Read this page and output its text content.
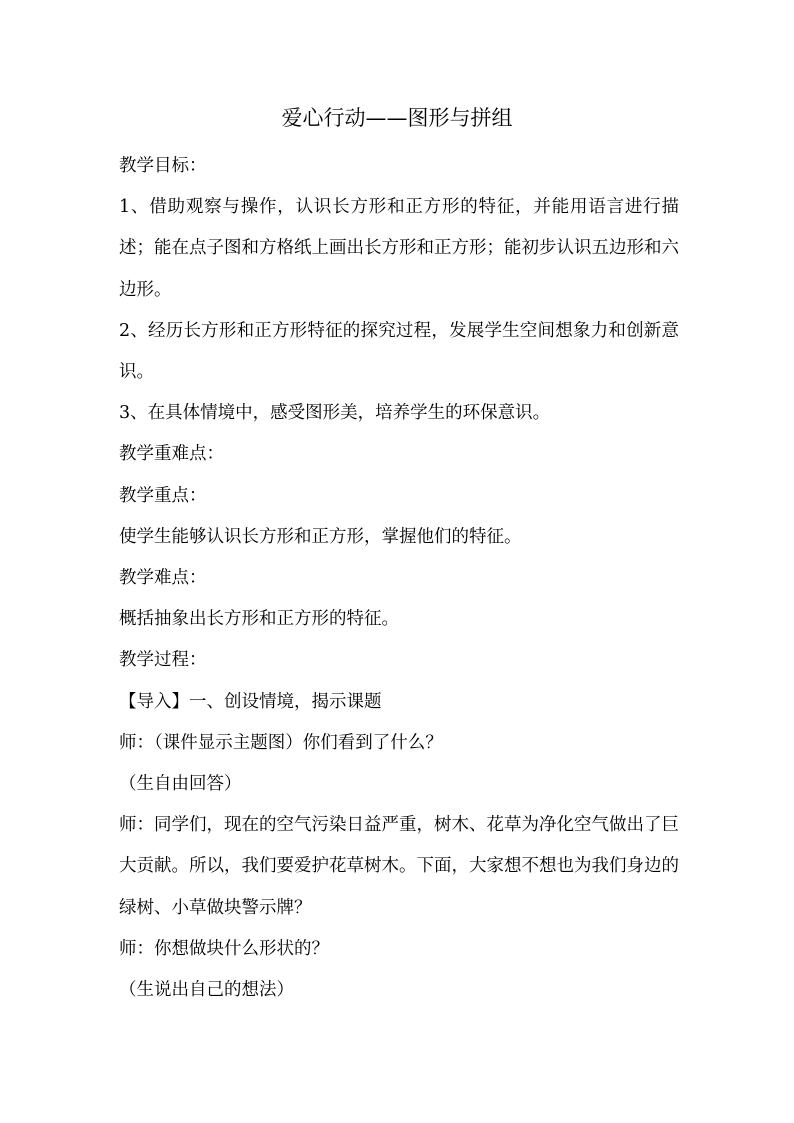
爱心行动——图形与拼组

教学目标：

1、借助观察与操作，认识长方形和正方形的特征，并能用语言进行描述；能在点子图和方格纸上画出长方形和正方形；能初步认识五边形和六边形。

2、经历长方形和正方形特征的探究过程，发展学生空间想象力和创新意识。

3、在具体情境中，感受图形美，培养学生的环保意识。

教学重难点：

教学重点：

使学生能够认识长方形和正方形，掌握他们的特征。

教学难点：

概括抽象出长方形和正方形的特征。

教学过程：

【导入】一、创设情境，揭示课题

师：（课件显示主题图）你们看到了什么？

（生自由回答）

师：同学们，现在的空气污染日益严重，树木、花草为净化空气做出了巨大贡献。所以，我们要爱护花草树木。下面，大家想不想也为我们身边的绿树、小草做块警示牌？

师：你想做块什么形状的？

（生说出自己的想法）
